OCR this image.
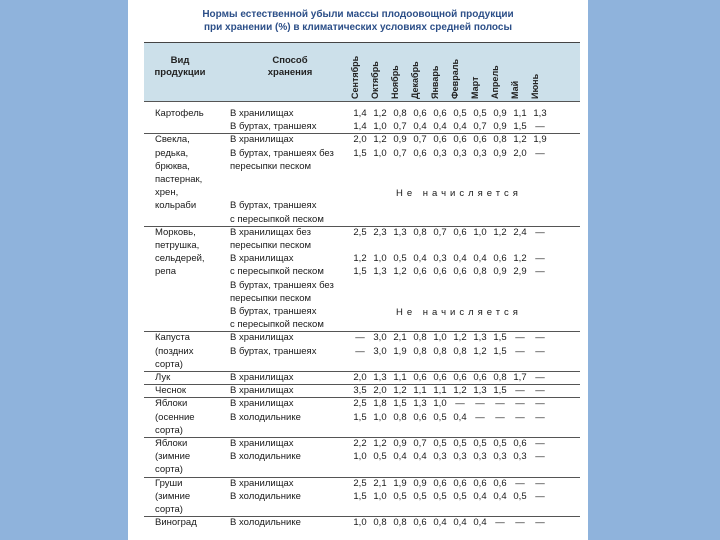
Нормы естественной убыли массы плодоовощной продукции
при хранении (%) в климатических условиях средней полосы
Вид
продукции
Способ
хранения	Сентябрь Октябрь Ноябрь Декабрь Январь Февраль Март Апрель Май Июнь
Картофель	В хранилищах	1,4 1,2 0,8 0,6 0,6 0,5 0,5 0,9 1,1 1,3
В буртах, траншеях	1,4 1,0 0,7 0,4 0,4 0,4 0,7 0,9 1,5 —
Свекла,	В хранилищах	2,0 1,2 0,9 0,7 0,6 0,6 0,6 0,8 1,2 1,9
редька,	В буртах, траншеях без 1,5 1,0 0,7 0,6 0,3 0,3 0,3 0,9 2,0 —
брюква,	пересыпки песком
пастернак,
хрен,	Не начисляется
кольраби	В буртах, траншеях
с пересыпкой песком
Морковь,	В хранилищах без	2,5 2,3 1,3 0,8 0,7 0,6 1,0 1,2 2,4 —
петрушка,	пересыпки песком
сельдерей,	В хранилищах	1,2 1,0 0,5 0,4 0,3 0,4 0,4 0,6 1,2 —
репа	с пересыпкой песком	1,5 1,3 1,2 0,6 0,6 0,6 0,8 0,9 2,9 —
В буртах, траншеях без
пересыпки песком
В буртах, траншеях	Не начисляется
с пересыпкой песком
Капуста	В хранилищах	— 3,0 2,1 0,8 1,0 1,2 1,3 1,5 —	—
(поздних	В буртах, траншеях	— 3,0 1,9 0,8 0,8 0,8 1,2 1,5 —	—
сорта)
Лук	В хранилищах	2,0 1,3 1,1 0,6 0,6 0,6 0,6 0,8 1,7 —
Чеснок	В хранилищах	3,5 2,0 1,2 1,1 1,1 1,2 1,3 1,5 —	—
Яблоки	В хранилищах	2,5 1,8 1,5 1,3 1,0 —	—	—	—	—
(осенние	В холодильнике	1,5 1,0 0,8 0,6 0,5 0,4 —	—	—	—
сорта)
Яблоки	В хранилищах	2,2 1,2 0,9 0,7 0,5 0,5 0,5 0,5 0,6 —
(зимние	В холодильнике	1,0 0,5 0,4 0,4 0,3 0,3 0,3 0,3 0,3 —
сорта)
Груши	В хранилищах	2,5 2,1 1,9 0,9 0,6 0,6 0,6 0,6 —	—
(зимние	В холодильнике	1,5 1,0 0,5 0,5 0,5 0,5 0,4 0,4 0,5 —
сорта)
Виноград	В холодильнике	1,0 0,8 0,8 0,6 0,4 0,4 0,4 —	—	—
